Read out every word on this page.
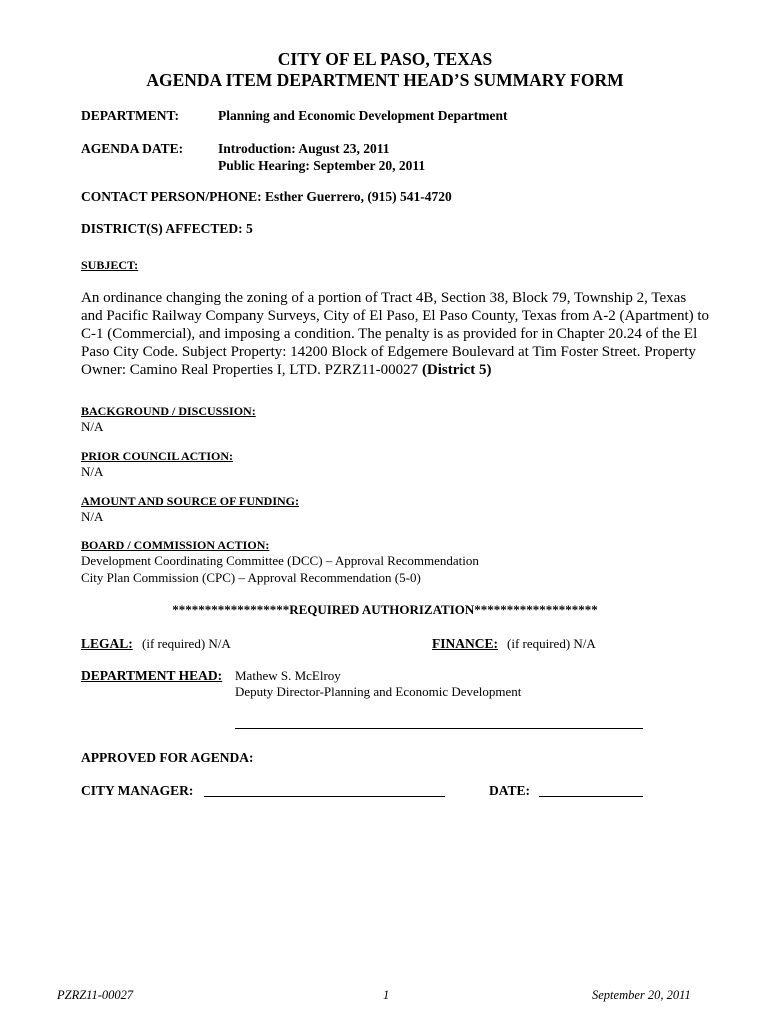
CITY OF EL PASO, TEXAS
AGENDA ITEM DEPARTMENT HEAD’S SUMMARY FORM
DEPARTMENT:	Planning and Economic Development Department
AGENDA DATE:	Introduction: August 23, 2011
Public Hearing: September 20, 2011
CONTACT PERSON/PHONE: Esther Guerrero, (915) 541-4720
DISTRICT(S) AFFECTED: 5
SUBJECT:
An ordinance changing the zoning of a portion of Tract 4B, Section 38, Block 79, Township 2, Texas and Pacific Railway Company Surveys, City of El Paso, El Paso County, Texas from A-2 (Apartment) to C-1 (Commercial), and imposing a condition. The penalty is as provided for in Chapter 20.24 of the El Paso City Code. Subject Property: 14200 Block of Edgemere Boulevard at Tim Foster Street. Property Owner: Camino Real Properties I, LTD. PZRZ11-00027 (District 5)
BACKGROUND / DISCUSSION:
N/A
PRIOR COUNCIL ACTION:
N/A
AMOUNT AND SOURCE OF FUNDING:
N/A
BOARD / COMMISSION ACTION:
Development Coordinating Committee (DCC) – Approval Recommendation
City Plan Commission (CPC) – Approval Recommendation (5-0)
******************REQUIRED AUTHORIZATION*******************
LEGAL: (if required) N/A	FINANCE: (if required) N/A
DEPARTMENT HEAD: Mathew S. McElroy
Deputy Director-Planning and Economic Development
APPROVED FOR AGENDA:
CITY MANAGER:	DATE:
PZRZ11-00027	1	September 20, 2011
